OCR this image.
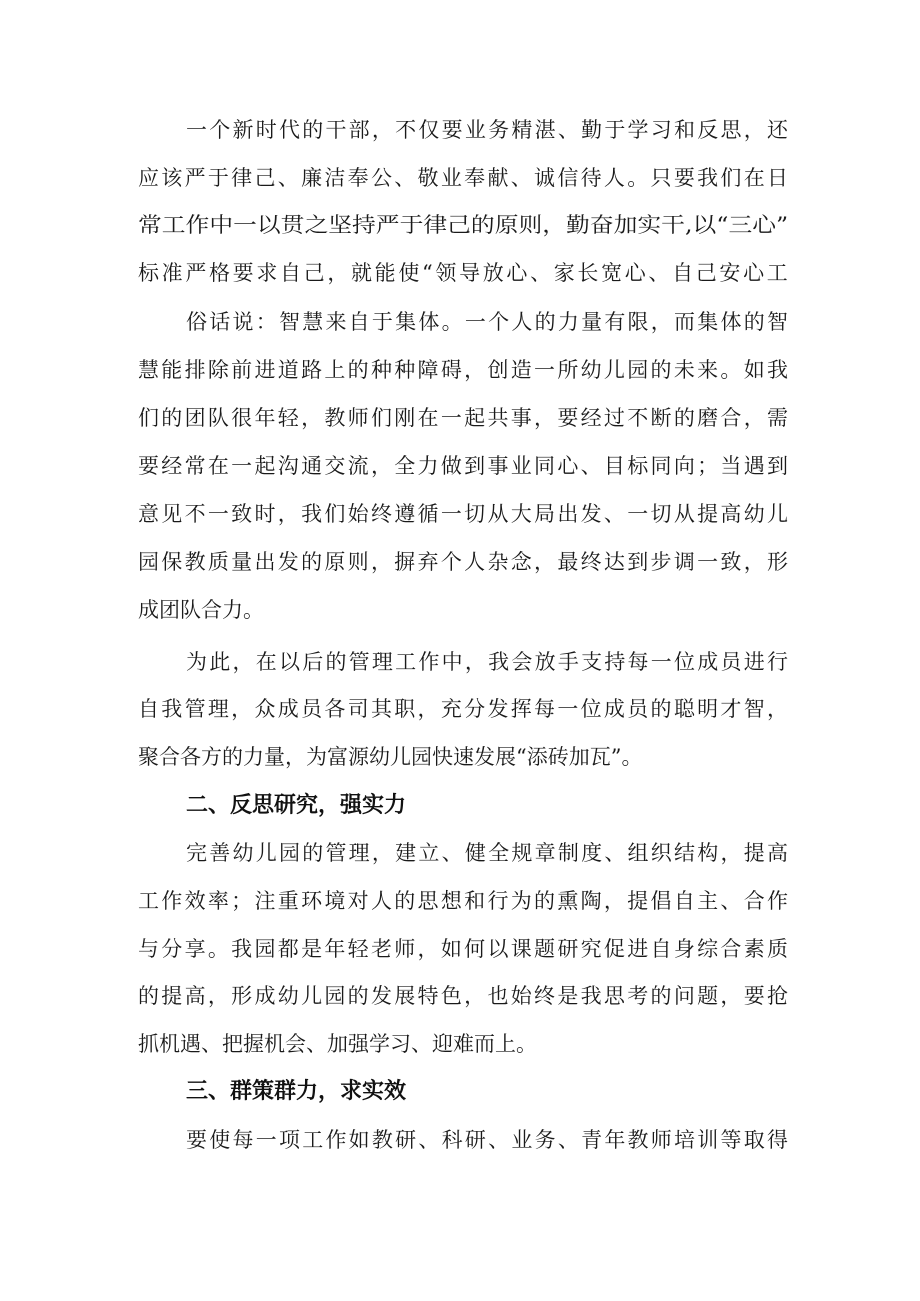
一个新时代的干部，不仅要业务精湛、勤于学习和反思，还
应该严于律己、廉洁奉公、敬业奉献、诚信待人。只要我们在日
常工作中一以贯之坚持严于律己的原则，勤奋加实干,以“三心”
标准严格要求自己，就能使“领导放心、家长宽心、自己安心工
俗话说：智慧来自于集体。一个人的力量有限，而集体的智
慧能排除前进道路上的种种障碍，创造一所幼儿园的未来。如我
们的团队很年轻，教师们刚在一起共事，要经过不断的磨合，需
要经常在一起沟通交流，全力做到事业同心、目标同向；当遇到
意见不一致时，我们始终遵循一切从大局出发、一切从提高幼儿
园保教质量出发的原则，摒弃个人杂念，最终达到步调一致，形
成团队合力。
为此，在以后的管理工作中，我会放手支持每一位成员进行
自我管理，众成员各司其职，充分发挥每一位成员的聪明才智，
聚合各方的力量，为富源幼儿园快速发展“添砖加瓦”。
二、反思研究，强实力
完善幼儿园的管理，建立、健全规章制度、组织结构，提高
工作效率；注重环境对人的思想和行为的熏陶，提倡自主、合作
与分享。我园都是年轻老师，如何以课题研究促进自身综合素质
的提高，形成幼儿园的发展特色，也始终是我思考的问题，要抢
抓机遇、把握机会、加强学习、迎难而上。
三、群策群力，求实效
要使每一项工作如教研、科研、业务、青年教师培训等取得
